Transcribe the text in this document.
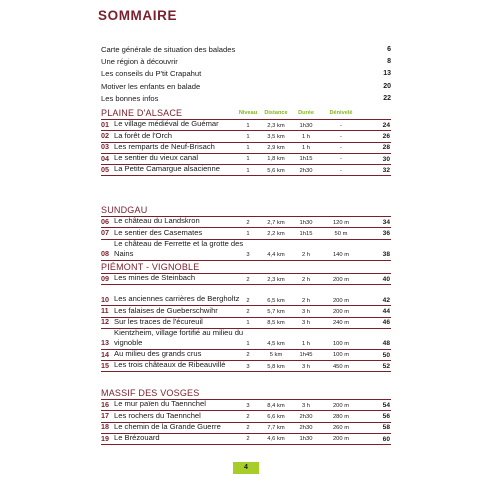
SOMMAIRE
Carte générale de situation des balades	6
Une région à découvrir	8
Les conseils du P'tit Crapahut	13
Motiver les enfants en balade	20
Les bonnes infos	22
PLAINE D'ALSACE	Niveau Distance Durée	Dénivelé
01 Le village médiéval de Guémar	1	2,3 km	1h30	-	24
02 La forêt de l'Orch	1	3,5 km	1 h	-	26
03 Les remparts de Neuf-Brisach	1	2,9 km	1 h	-	28
04 Le sentier du vieux canal	1	1,8 km	1h15	-	30
05 La Petite Camargue alsacienne	1	5,6 km	2h30	-	32
SUNDGAU
06 Le château du Landskron	2	2,7 km	1h30	120 m	34
07 Le sentier des Casemates	1	2,2 km	1h15	50 m	36
08
Le château de Ferrette et la grotte des Nains	3	4,4 km	2 h	140 m	38
PIÉMONT - VIGNOBLE
09 Les mines de Steinbach	2	2,3 km	2 h	200 m	40
10 Les anciennes carrières de Bergholtz	2	6,5 km	2 h	200 m	42
11 Les falaises de Gueberschwihr	2	5,7 km	3 h	200 m	44
12 Sur les traces de l'écureuil	1	8,5 km	3 h	240 m	46
13
Kientzheim, village fortifié au milieu du vignoble	1	4,5 km	1 h	100 m	48
14 Au milieu des grands crus	2	5 km	1h45	100 m	50
15 Les trois châteaux de Ribeauvillé	3	5,8 km	3 h	450 m	52
MASSIF DES VOSGES
16 Le mur païen du Taennchel	3	8,4 km	3 h	200 m	54
17 Les rochers du Taennchel	2	6,6 km	2h30	280 m	56
18 Le chemin de la Grande Guerre	2	7,7 km	2h30	260 m	58
19 Le Brézouard	2	4,6 km	1h30	200 m	60
4
